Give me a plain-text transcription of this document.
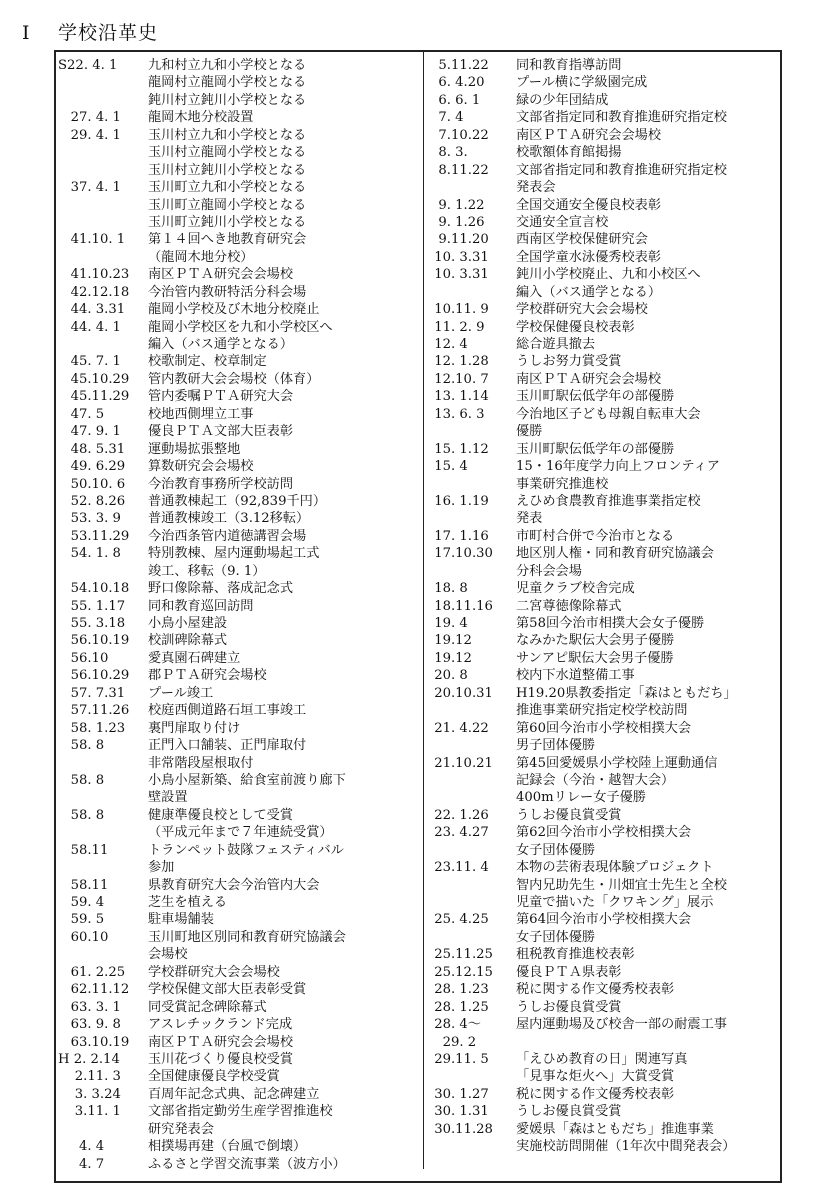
Ⅰ 学校沿革史
S22. 4. 1	九和村立九和小学校となる
龍岡村立龍岡小学校となる
鈍川村立鈍川小学校となる
27. 4. 1	龍岡木地分校設置
29. 4. 1	玉川村立九和小学校となる
玉川村立龍岡小学校となる
玉川村立鈍川小学校となる
37. 4. 1	玉川町立九和小学校となる
玉川町立龍岡小学校となる
玉川町立鈍川小学校となる
41.10. 1	第１４回へき地教育研究会
（龍岡木地分校）
41.10.23	南区ＰＴＡ研究会会場校
42.12.18	今治管内教研特活分科会場
44. 3.31	龍岡小学校及び木地分校廃止
44. 4. 1	龍岡小学校区を九和小学校区へ
編入（バス通学となる）
45. 7. 1	校歌制定、校章制定
45.10.29	管内教研大会会場校（体育）
45.11.29	管内委嘱ＰＴＡ研究大会
47. 5	校地西側埋立工事
47. 9. 1	優良ＰＴＡ文部大臣表彰
48. 5.31	運動場拡張整地
49. 6.29	算数研究会会場校
50.10. 6	今治教育事務所学校訪問
52. 8.26	普通教棟起工（92,839千円）
53. 3. 9	普通教棟竣工（3.12移転）
53.11.29	今治西条管内道徳講習会場
54. 1. 8	特別教棟、屋内運動場起工式
竣工、移転（9. 1）
54.10.18	野口像除幕、落成記念式
55. 1.17	同和教育巡回訪問
55. 3.18	小鳥小屋建設
56.10.19	校訓碑除幕式
56.10	愛真園石碑建立
56.10.29	郡ＰＴＡ研究会場校
57. 7.31	プール竣工
57.11.26	校庭西側道路石垣工事竣工
58. 1.23	裏門扉取り付け
58. 8	正門入口舗装、正門扉取付
非常階段屋根取付
58. 8	小鳥小屋新築、給食室前渡り廊下
壁設置
58. 8	健康準優良校として受賞
（平成元年まで７年連続受賞）
58.11	トランペット鼓隊フェスティバル
参加
58.11	県教育研究大会今治管内大会
59. 4	芝生を植える
59. 5	駐車場舗装
60.10	玉川町地区別同和教育研究協議会
会場校
61. 2.25	学校群研究大会会場校
62.11.12	学校保健文部大臣表彰受賞
63. 3. 1	同受賞記念碑除幕式
63. 9. 8	アスレチックランド完成
63.10.19	南区ＰＴＡ研究会会場校
H 2. 2.14	玉川花づくり優良校受賞
2.11. 3	全国健康優良学校受賞
3. 3.24	百周年記念式典、記念碑建立
3.11. 1	文部省指定勤労生産学習推進校
研究発表会
4. 4	相撲場再建（台風で倒壊）
4. 7	ふるさと学習交流事業（波方小）
5.11.22	同和教育指導訪問
6. 4.20	プール横に学級園完成
6. 6. 1	緑の少年団結成
7. 4	文部省指定同和教育推進研究指定校
7.10.22	南区ＰＴＡ研究会会場校
8. 3.	校歌額体育館掲揚
8.11.22	文部省指定同和教育推進研究指定校
発表会
9. 1.22	全国交通安全優良校表彰
9. 1.26	交通安全宣言校
9.11.20	西南区学校保健研究会
10. 3.31	全国学童水泳優秀校表彰
10. 3.31	鈍川小学校廃止、九和小校区へ
編入（バス通学となる）
10.11. 9	学校群研究大会会場校
11. 2. 9	学校保健優良校表彰
12. 4	総合遊具撤去
12. 1.28	うしお努力賞受賞
12.10. 7	南区ＰＴＡ研究会会場校
13. 1.14	玉川町駅伝低学年の部優勝
13. 6. 3	今治地区子ども母親自転車大会
優勝
15. 1.12	玉川町駅伝低学年の部優勝
15. 4	15・16年度学力向上フロンティア
事業研究推進校
16. 1.19	えひめ食農教育推進事業指定校
発表
17. 1.16	市町村合併で今治市となる
17.10.30	地区別人権・同和教育研究協議会
分科会会場
18. 8	児童クラブ校舎完成
18.11.16	二宮尊徳像除幕式
19. 4	第58回今治市相撲大会女子優勝
19.12	なみかた駅伝大会男子優勝
19.12	サンアピ駅伝大会男子優勝
20. 8	校内下水道整備工事
20.10.31	H19.20県教委指定「森はともだち」
推進事業研究指定校学校訪問
21. 4.22	第60回今治市小学校相撲大会
男子団体優勝
21.10.21	第45回愛媛県小学校陸上運動通信
記録会（今治・越智大会）
400mリレー女子優勝
22. 1.26	うしお優良賞受賞
23. 4.27	第62回今治市小学校相撲大会
女子団体優勝
23.11. 4	本物の芸術表現体験プロジェクト
智内兄助先生・川畑宜士先生と全校
児童で描いた「クワキング」展示
25. 4.25	第64回今治市小学校相撲大会
女子団体優勝
25.11.25	租税教育推進校表彰
25.12.15	優良ＰＴＡ県表彰
28. 1.23	税に関する作文優秀校表彰
28. 1.25	うしお優良賞受賞
28. 4～	屋内運動場及び校舎一部の耐震工事
29. 2
29.11. 5	「えひめ教育の日」関連写真
「見事な炬火へ」大賞受賞
30. 1.27	税に関する作文優秀校表彰
30. 1.31	うしお優良賞受賞
30.11.28	愛媛県「森はともだち」推進事業
実施校訪問開催（1年次中間発表会）
